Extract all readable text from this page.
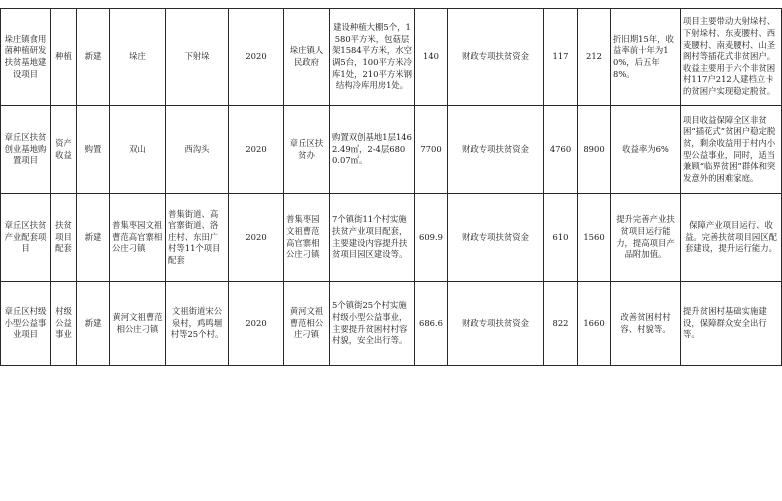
垛庄镇食用菌种植研发扶贫基地建设项目	种植	新建	垛庄	下射垛	2020	垛庄镇人民政府	建设种植大棚5个，1580平方米，包菇层架1584平方米，水空调5台，100平方米冷库1处，210平方米钢结构冷库用房1处。	140	财政专项扶贫资金	117	212	折旧期15年，收益率前十年为10%，后五年8%。	项目主要带动大射垛村、下射垛村、东麦腰村、西麦腰村、南麦腰村、山圣阁村等插花式非贫困户。收益主要用于六个非贫困村117户212人建档立卡的贫困户实现稳定脱贫。
章丘区扶贫创业基地购置项目	资产收益	购置	双山	西沟头	2020	章丘区扶贫办	购置双创基地1层1462.49㎡，2-4层6800.07㎡。	7700	财政专项扶贫资金	4760	8900	收益率为6%	项目收益保障全区非贫困“插花式”贫困户稳定脱贫，剩余收益用于村内小型公益事业，同时，适当兼顾“临界贫困”群体和突发意外的困难家庭。
章丘区扶贫产业配套项目	扶贫项目配套	新建	普集枣园文祖曹范高官寨相公庄刁镇	普集街道、高官寨街道、洛庄村、东田广村等11个项目配套	2020	普集枣园文祖曹范高官寨相公庄刁镇	7个镇街11个村实施扶贫产业项目配套，主要建设内容提升扶贫项目园区建设等。	609.9	财政专项扶贫资金	610	1560	提升完善产业扶贫项目运行能力，提高项目产品附加值。	保障产业项目运行、收益。完善扶贫项目园区配套建设，提升运行能力。
章丘区村级小型公益事业项目	村级公益事业	新建	黄河文祖曹范相公庄刁镇	文祖街道宋公泉村，鸡鸣堌村等25个村。	2020	黄河文祖曹范相公庄刁镇	5个镇街25个村实施村级小型公益事业，主要提升贫困村村容村貌，安全出行等。	686.6	财政专项扶贫资金	822	1660	改善贫困村村容、村貌等。	提升贫困村基础实施建设，保障群众安全出行等。
